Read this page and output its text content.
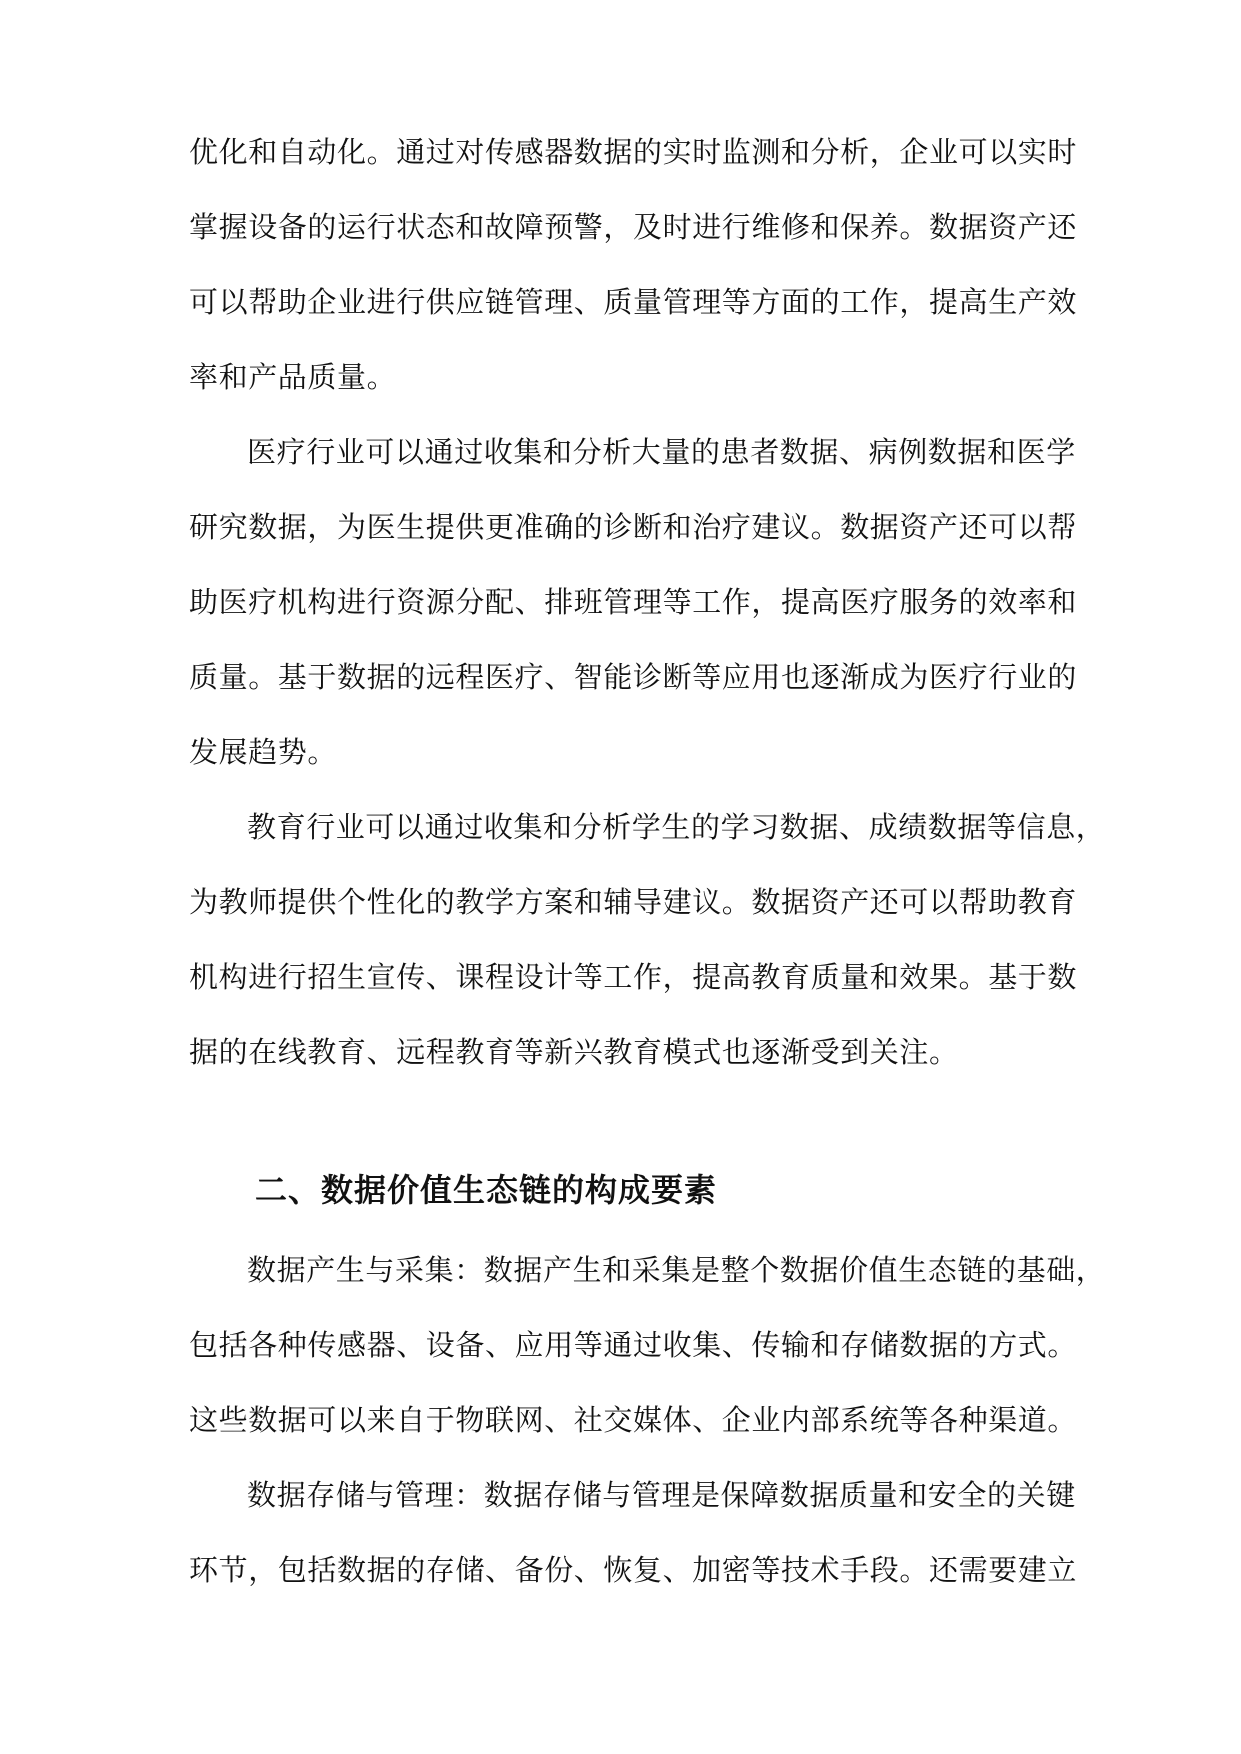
优化和自动化。通过对传感器数据的实时监测和分析，企业可以实时
掌握设备的运行状态和故障预警，及时进行维修和保养。数据资产还
可以帮助企业进行供应链管理、质量管理等方面的工作，提高生产效
率和产品质量。
医疗行业可以通过收集和分析大量的患者数据、病例数据和医学
研究数据，为医生提供更准确的诊断和治疗建议。数据资产还可以帮
助医疗机构进行资源分配、排班管理等工作，提高医疗服务的效率和
质量。基于数据的远程医疗、智能诊断等应用也逐渐成为医疗行业的
发展趋势。
教育行业可以通过收集和分析学生的学习数据、成绩数据等信息，
为教师提供个性化的教学方案和辅导建议。数据资产还可以帮助教育
机构进行招生宣传、课程设计等工作，提高教育质量和效果。基于数
据的在线教育、远程教育等新兴教育模式也逐渐受到关注。
二、数据价值生态链的构成要素
数据产生与采集：数据产生和采集是整个数据价值生态链的基础，
包括各种传感器、设备、应用等通过收集、传输和存储数据的方式。
这些数据可以来自于物联网、社交媒体、企业内部系统等各种渠道。
数据存储与管理：数据存储与管理是保障数据质量和安全的关键
环节，包括数据的存储、备份、恢复、加密等技术手段。还需要建立
